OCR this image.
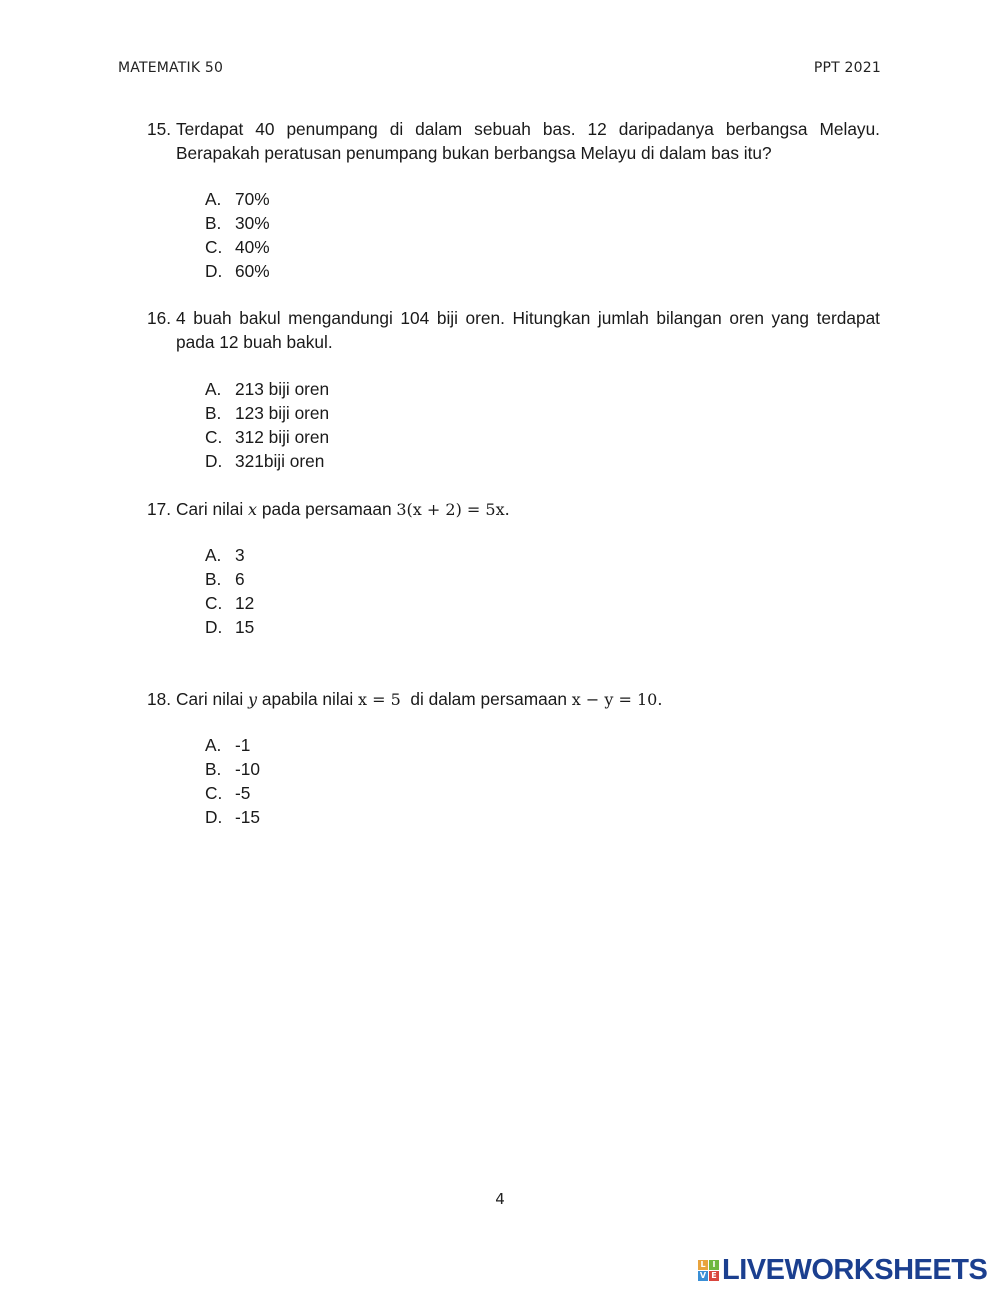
MATEMATIK 50	PPT 2021
15. Terdapat 40 penumpang di dalam sebuah bas. 12 daripadanya berbangsa Melayu.
Berapakah peratusan penumpang bukan berbangsa Melayu di dalam bas itu?
A. 70%
B. 30%
C. 40%
D. 60%
16. 4 buah bakul mengandungi 104 biji oren. Hitungkan jumlah bilangan oren yang terdapat
pada 12 buah bakul.
A. 213 biji oren
B. 123 biji oren
C. 312 biji oren
D. 321biji oren
17. Cari nilai x pada persamaan 3(x + 2) = 5x.
A. 3
B. 6
C. 12
D. 15
18. Cari nilai y apabila nilai x = 5  di dalam persamaan x − y = 10.
A. -1
B. -10
C. -5
D. -15
4
L I
V E LIVEWORKSHEETS
